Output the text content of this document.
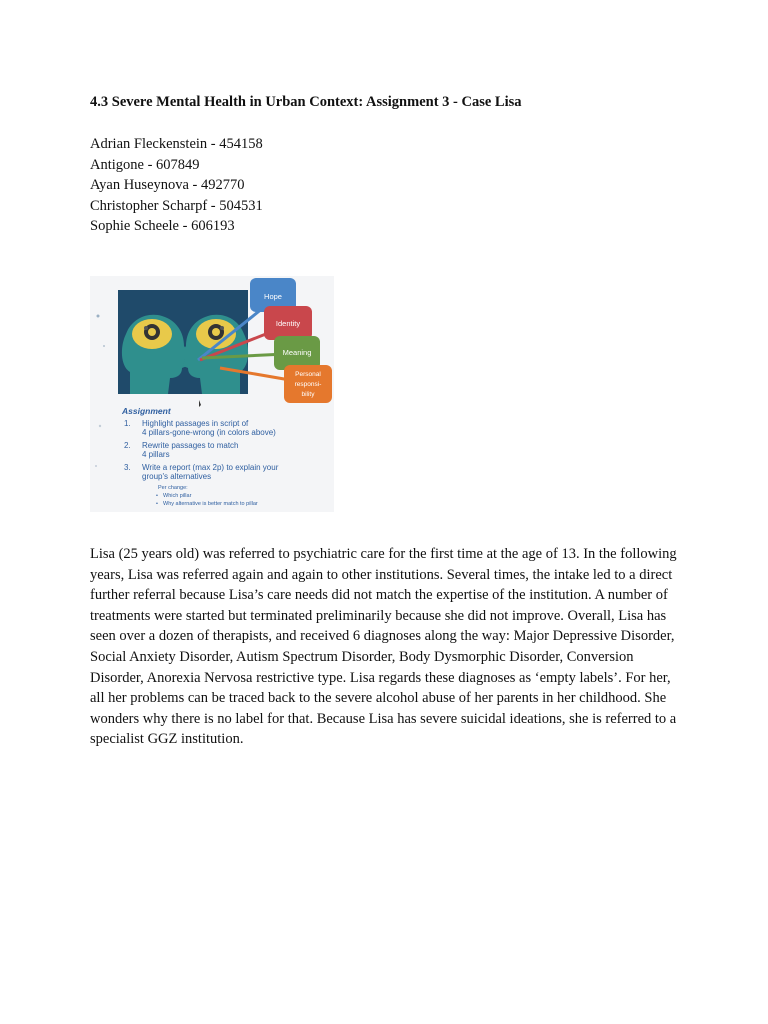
4.3 Severe Mental Health in Urban Context: Assignment 3 - Case Lisa
Adrian Fleckenstein - 454158
Antigone - 607849
Ayan Huseynova - 492770
Christopher Scharpf - 504531
Sophie Scheele - 606193
Hope
Identity
Meaning
Personal
responsi-
bility
Assignment
1. Highlight passages in script of
4 pillars-gone-wrong (in colors above)
2. Rewrite passages to match
4 pillars
3. Write a report (max 2p) to explain your
group's alternatives
Per change:
• Which pillar
• Why alternative is better match to pillar

Lisa (25 years old) was referred to psychiatric care for the first time at the age of 13. In the following years, Lisa was referred again and again to other institutions. Several times, the intake led to a direct further referral because Lisa’s care needs did not match the expertise of the institution. A number of treatments were started but terminated preliminarily because she did not improve. Overall, Lisa has seen over a dozen of therapists, and received 6 diagnoses along the way: Major Depressive Disorder, Social Anxiety Disorder, Autism Spectrum Disorder, Body Dysmorphic Disorder, Conversion Disorder, Anorexia Nervosa restrictive type. Lisa regards these diagnoses as ‘empty labels’. For her, all her problems can be traced back to the severe alcohol abuse of her parents in her childhood. She wonders why there is no label for that. Because Lisa has severe suicidal ideations, she is referred to a specialist GGZ institution.
